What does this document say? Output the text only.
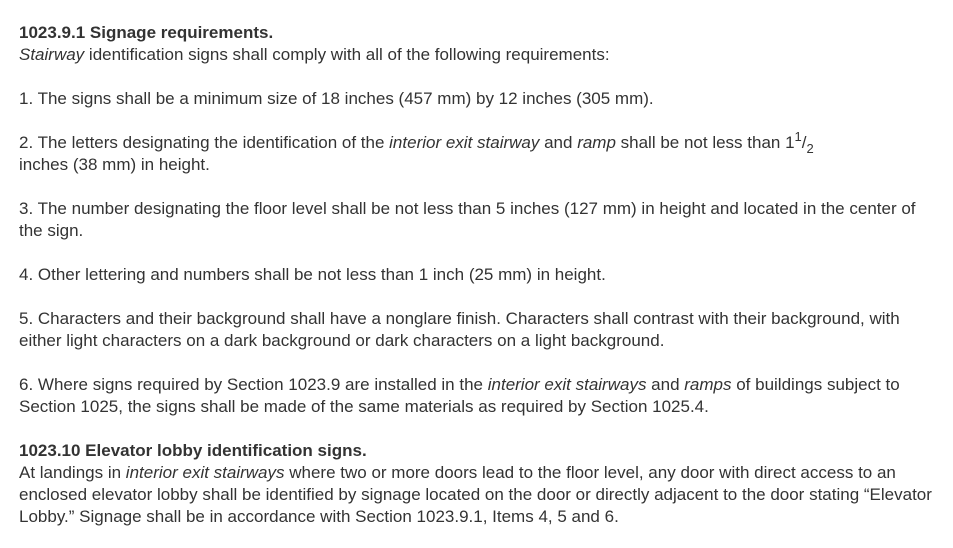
1023.9.1 Signage requirements.

Stairway identification signs shall comply with all of the following requirements:

1. The signs shall be a minimum size of 18 inches (457 mm) by 12 inches (305 mm).

2. The letters designating the identification of the interior exit stairway and ramp shall be not less than $1^1/_2$
inches (38 mm) in height.

3. The number designating the floor level shall be not less than 5 inches (127 mm) in height and located in the center of the sign.

4. Other lettering and numbers shall be not less than 1 inch (25 mm) in height.

5. Characters and their background shall have a nonglare finish. Characters shall contrast with their background, with either light characters on a dark background or dark characters on a light background.

6. Where signs required by Section 1023.9 are installed in the interior exit stairways and ramps of buildings subject to Section 1025, the signs shall be made of the same materials as required by Section 1025.4.

1023.10 Elevator lobby identification signs.

At landings in interior exit stairways where two or more doors lead to the floor level, any door with direct access to an enclosed elevator lobby shall be identified by signage located on the door or directly adjacent to the door stating “Elevator Lobby.” Signage shall be in accordance with Section 1023.9.1, Items 4, 5 and 6.
